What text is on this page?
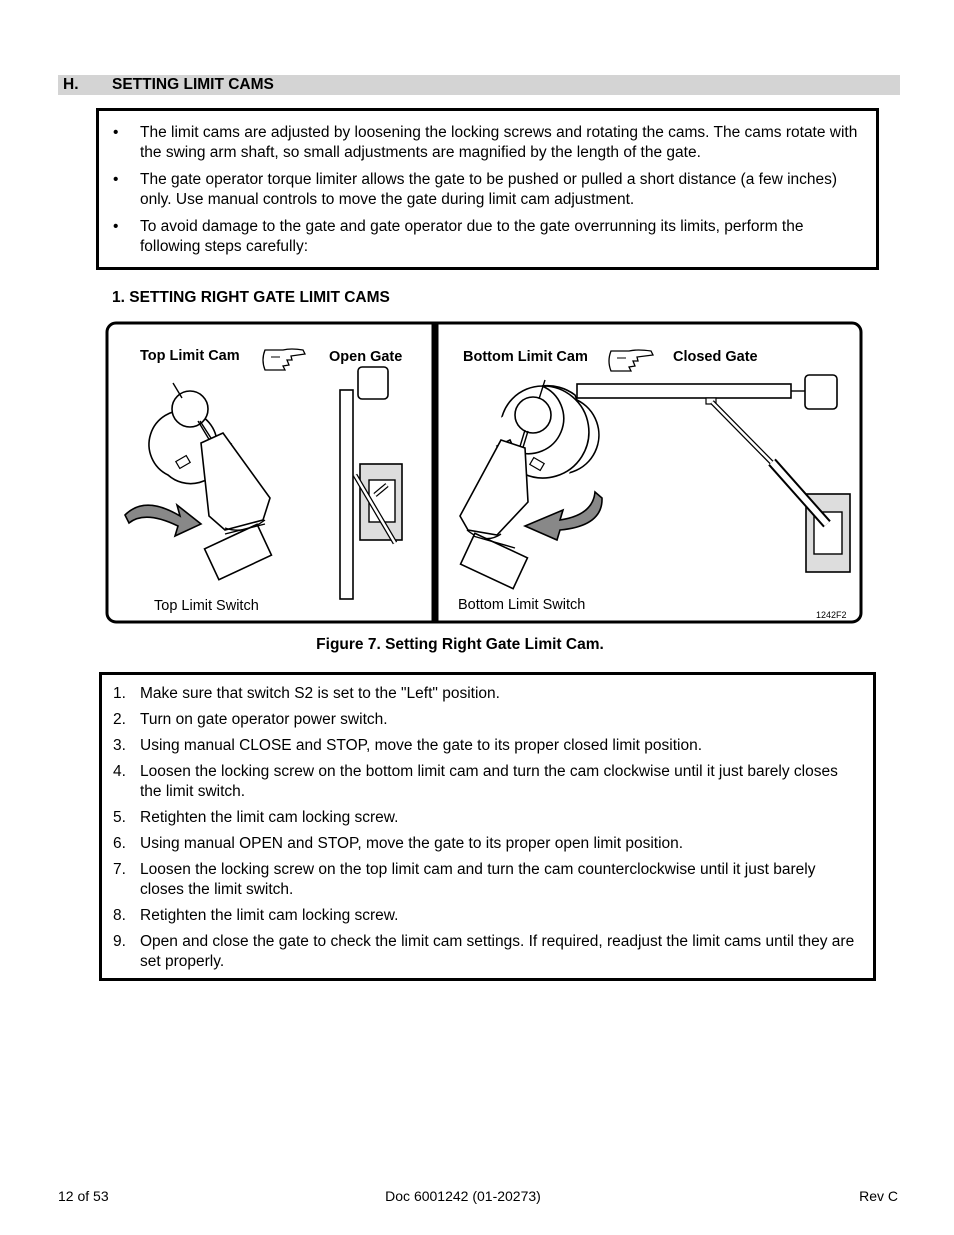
H. SETTING LIMIT CAMS
• The limit cams are adjusted by loosening the locking screws and rotating the cams. The cams rotate with the swing arm shaft, so small adjustments are magnified by the length of the gate.
• The gate operator torque limiter allows the gate to be pushed or pulled a short distance (a few inches) only. Use manual controls to move the gate during limit cam adjustment.
• To avoid damage to the gate and gate operator due to the gate overrunning its limits, perform the following steps carefully:
1. SETTING RIGHT GATE LIMIT CAMS
Top Limit Cam	Open Gate
Top Limit Switch
Bottom Limit Cam	Closed Gate
Bottom Limit Switch
1242F2
Figure 7. Setting Right Gate Limit Cam.
1. Make sure that switch S2 is set to the "Left" position.
2. Turn on gate operator power switch.
3. Using manual CLOSE and STOP, move the gate to its proper closed limit position.
4. Loosen the locking screw on the bottom limit cam and turn the cam clockwise until it just barely closes the limit switch.
5. Retighten the limit cam locking screw.
6. Using manual OPEN and STOP, move the gate to its proper open limit position.
7. Loosen the locking screw on the top limit cam and turn the cam counterclockwise until it just barely closes the limit switch.
8. Retighten the limit cam locking screw.
9. Open and close the gate to check the limit cam settings. If required, readjust the limit cams until they are set properly.
12 of 53	Doc 6001242 (01-20273)	Rev C
